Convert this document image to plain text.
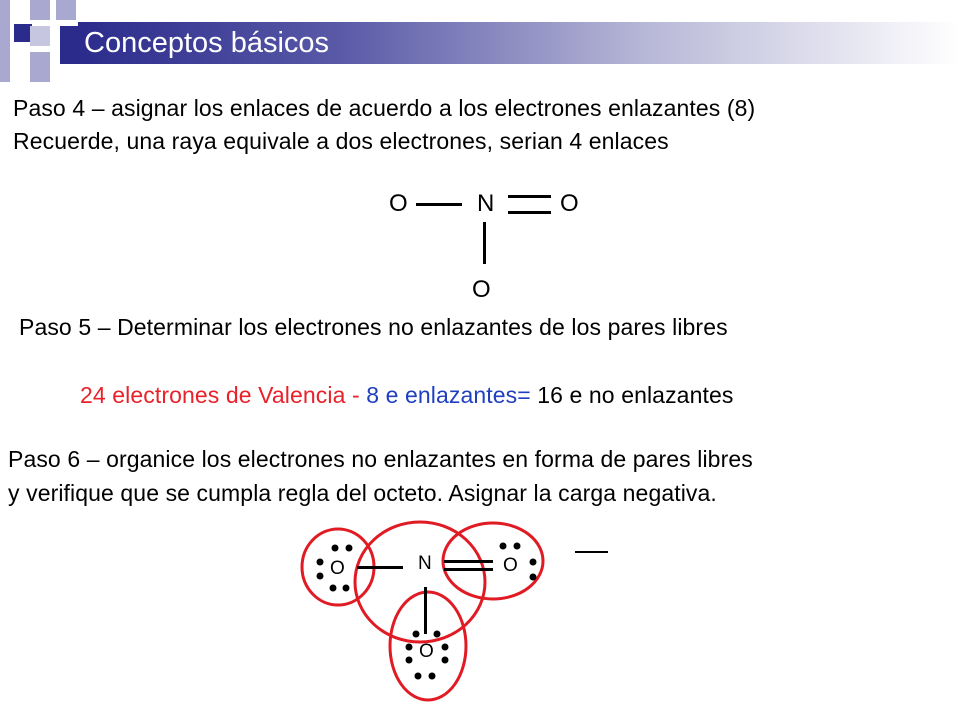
Conceptos básicos
Paso 4 – asignar los enlaces de acuerdo a los electrones enlazantes (8)
Recuerde, una raya equivale a dos electrones, serian 4 enlaces
O	N	O
O
Paso 5 – Determinar los electrones no enlazantes de los pares libres
24 electrones de Valencia - 8 e enlazantes= 16 e no enlazantes
Paso 6 – organice los electrones no enlazantes en forma de pares libres
y verifique que se cumpla regla del octeto. Asignar la carga negativa.
O	N	O
O
